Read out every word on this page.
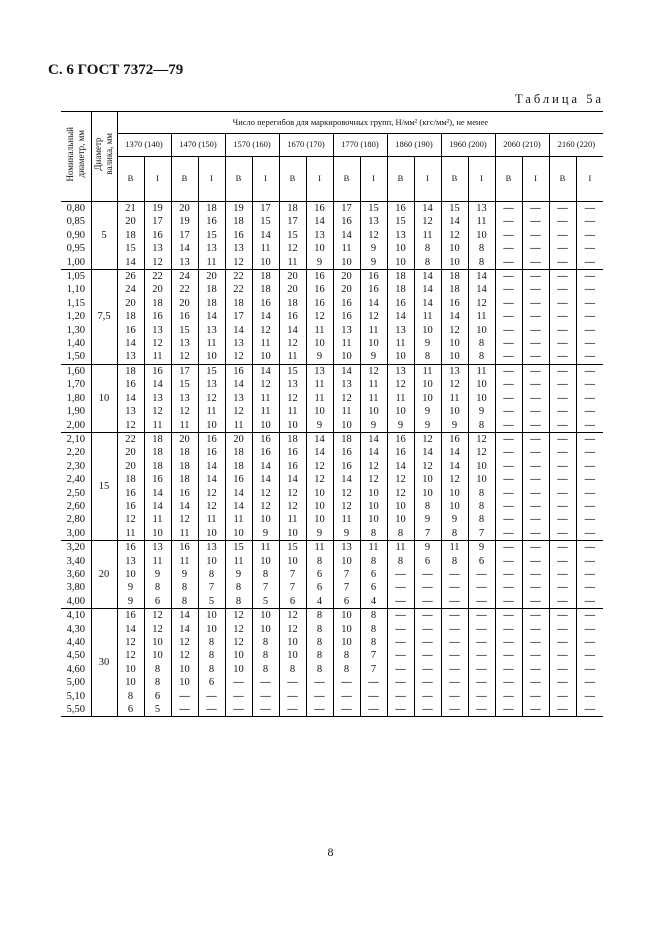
С. 6 ГОСТ 7372—79
Таблица 5а
Номинальный
диаметр, мм	Диаметр
валика, мм	Число перегибов для маркировочных групп, Н/мм² (кгс/мм²), не менее																	
		1370 (140)		1470 (150)		1570 (160)		1670 (170)		1770 (180)		1860 (190)		1960 (200)		2060 (210)		2160 (220)	
		В	I	В	I	В	I	В	I	В	I	В	I	В	I	В	I	В	I
0,80	5	21	19	20	18	19	17	18	16	17	15	16	14	15	13	—	—	—	—
0,85		20	17	19	16	18	15	17	14	16	13	15	12	14	11	—	—	—	—
0,90		18	16	17	15	16	14	15	13	14	12	13	11	12	10	—	—	—	—
0,95		15	13	14	13	13	11	12	10	11	9	10	8	10	8	—	—	—	—
1,00		14	12	13	11	12	10	11	9	10	9	10	8	10	8	—	—	—	—
1,05	7,5	26	22	24	20	22	18	20	16	20	16	18	14	18	14	—	—	—	—
1,10		24	20	22	18	22	18	20	16	20	16	18	14	18	14	—	—	—	—
1,15		20	18	20	18	18	16	18	16	16	14	16	14	16	12	—	—	—	—
1,20		18	16	16	14	17	14	16	12	16	12	14	11	14	11	—	—	—	—
1,30		16	13	15	13	14	12	14	11	13	11	13	10	12	10	—	—	—	—
1,40		14	12	13	11	13	11	12	10	11	10	11	9	10	8	—	—	—	—
1,50		13	11	12	10	12	10	11	9	10	9	10	8	10	8	—	—	—	—
1,60	10	18	16	17	15	16	14	15	13	14	12	13	11	13	11	—	—	—	—
1,70		16	14	15	13	14	12	13	11	13	11	12	10	12	10	—	—	—	—
1,80		14	13	13	12	13	11	12	11	12	11	11	10	11	10	—	—	—	—
1,90		13	12	12	11	12	11	11	10	11	10	10	9	10	9	—	—	—	—
2,00		12	11	11	10	11	10	10	9	10	9	9	9	9	8	—	—	—	—
2,10	15	22	18	20	16	20	16	18	14	18	14	16	12	16	12	—	—	—	—
2,20		20	18	18	16	18	16	16	14	16	14	16	14	14	12	—	—	—	—
2,30		20	18	18	14	18	14	16	12	16	12	14	12	14	10	—	—	—	—
2,40		18	16	18	14	16	14	14	12	14	12	12	10	12	10	—	—	—	—
2,50		16	14	16	12	14	12	12	10	12	10	12	10	10	8	—	—	—	—
2,60		16	14	14	12	14	12	12	10	12	10	10	8	10	8	—	—	—	—
2,80		12	11	12	11	11	10	11	10	11	10	10	9	9	8	—	—	—	—
3,00		11	10	11	10	10	9	10	9	9	8	8	7	8	7	—	—	—	—
3,20	20	16	13	16	13	15	11	15	11	13	11	11	9	11	9	—	—	—	—
3,40		13	11	11	10	11	10	10	8	10	8	8	6	8	6	—	—	—	—
3,60		10	9	9	8	9	8	7	6	7	6	—	—	—	—	—	—	—	—
3,80		9	8	8	7	8	7	7	6	7	6	—	—	—	—	—	—	—	—
4,00		9	6	8	5	8	5	6	4	6	4	—	—	—	—	—	—	—	—
4,10	30	16	12	14	10	12	10	12	8	10	8	—	—	—	—	—	—	—	—
4,30		14	12	14	10	12	10	12	8	10	8	—	—	—	—	—	—	—	—
4,40		12	10	12	8	12	8	10	8	10	8	—	—	—	—	—	—	—	—
4,50		12	10	12	8	10	8	10	8	8	7	—	—	—	—	—	—	—	—
4,60		10	8	10	8	10	8	8	8	8	7	—	—	—	—	—	—	—	—
5,00		10	8	10	6	—	—	—	—	—	—	—	—	—	—	—	—	—	—
5,10		8	6	—	—	—	—	—	—	—	—	—	—	—	—	—	—	—	—
5,50		6	5	—	—	—	—	—	—	—	—	—	—	—	—	—	—	—	—
8
